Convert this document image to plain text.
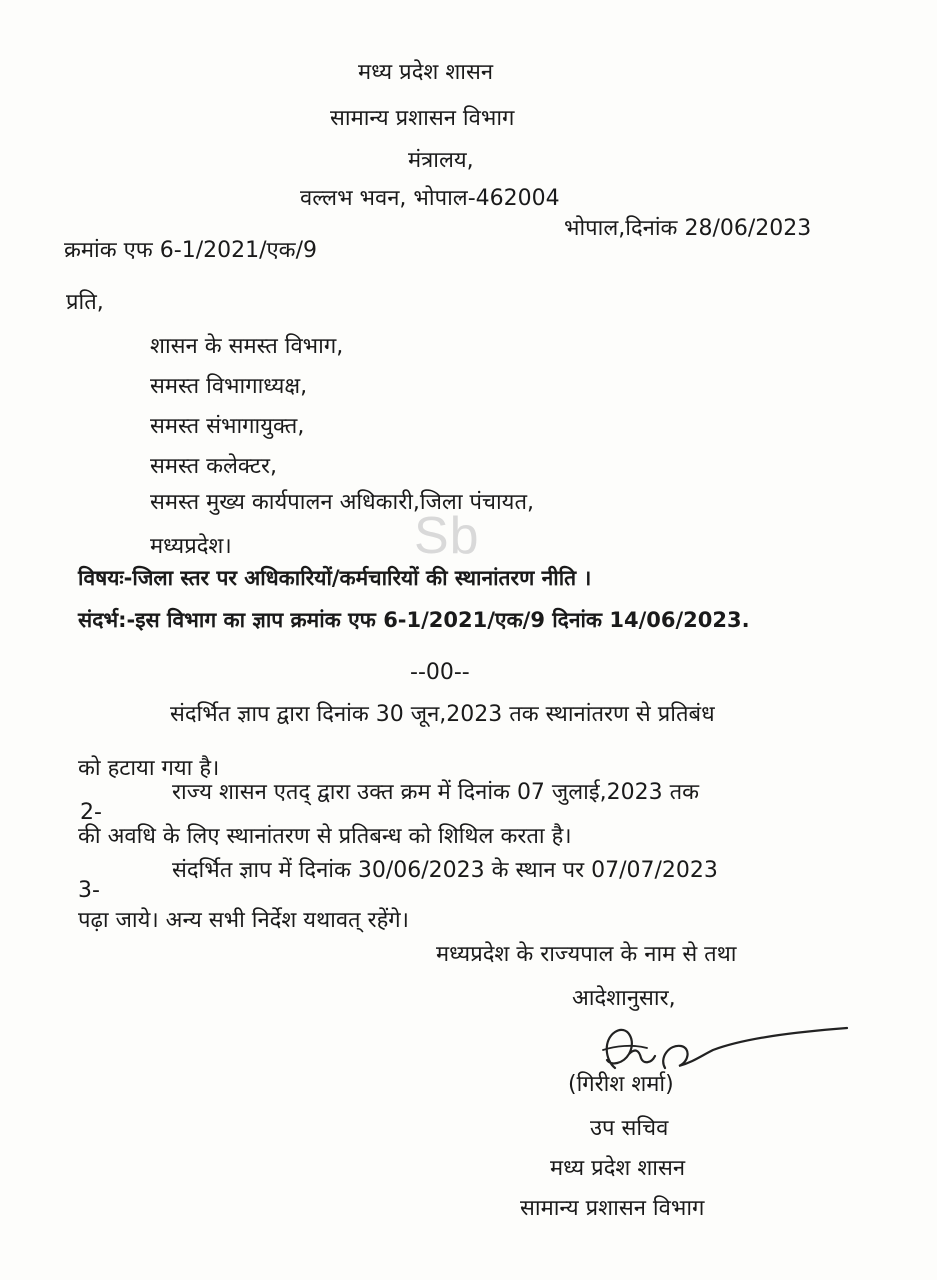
मध्य प्रदेश शासन
सामान्य प्रशासन विभाग
मंत्रालय,
वल्लभ भवन, भोपाल-462004
क्रमांक एफ 6-1/2021/एक/9
भोपाल,दिनांक 28/06/2023
प्रति,
शासन के समस्त विभाग,
समस्त विभागाध्यक्ष,
समस्त संभागायुक्त,
समस्त कलेक्टर,
समस्त मुख्य कार्यपालन अधिकारी,जिला पंचायत,
मध्यप्रदेश।	Sb
विषयः-जिला स्तर पर अधिकारियों/कर्मचारियों की स्थानांतरण नीति ।
संदर्भ:-इस विभाग का ज्ञाप क्रमांक एफ 6-1/2021/एक/9 दिनांक 14/06/2023.
--00--
संदर्भित ज्ञाप द्वारा दिनांक 30 जून,2023 तक स्थानांतरण से प्रतिबंध
को हटाया गया है।
2-
राज्य शासन एतद् द्वारा उक्त क्रम में दिनांक 07 जुलाई,2023 तक
की अवधि के लिए स्थानांतरण से प्रतिबन्ध को शिथिल करता है।
3-
संदर्भित ज्ञाप में दिनांक 30/06/2023 के स्थान पर 07/07/2023
पढ़ा जाये। अन्य सभी निर्देश यथावत् रहेंगे।
मध्यप्रदेश के राज्यपाल के नाम से तथा
आदेशानुसार,
(गिरीश शर्मा)
उप सचिव
मध्य प्रदेश शासन
सामान्य प्रशासन विभाग
